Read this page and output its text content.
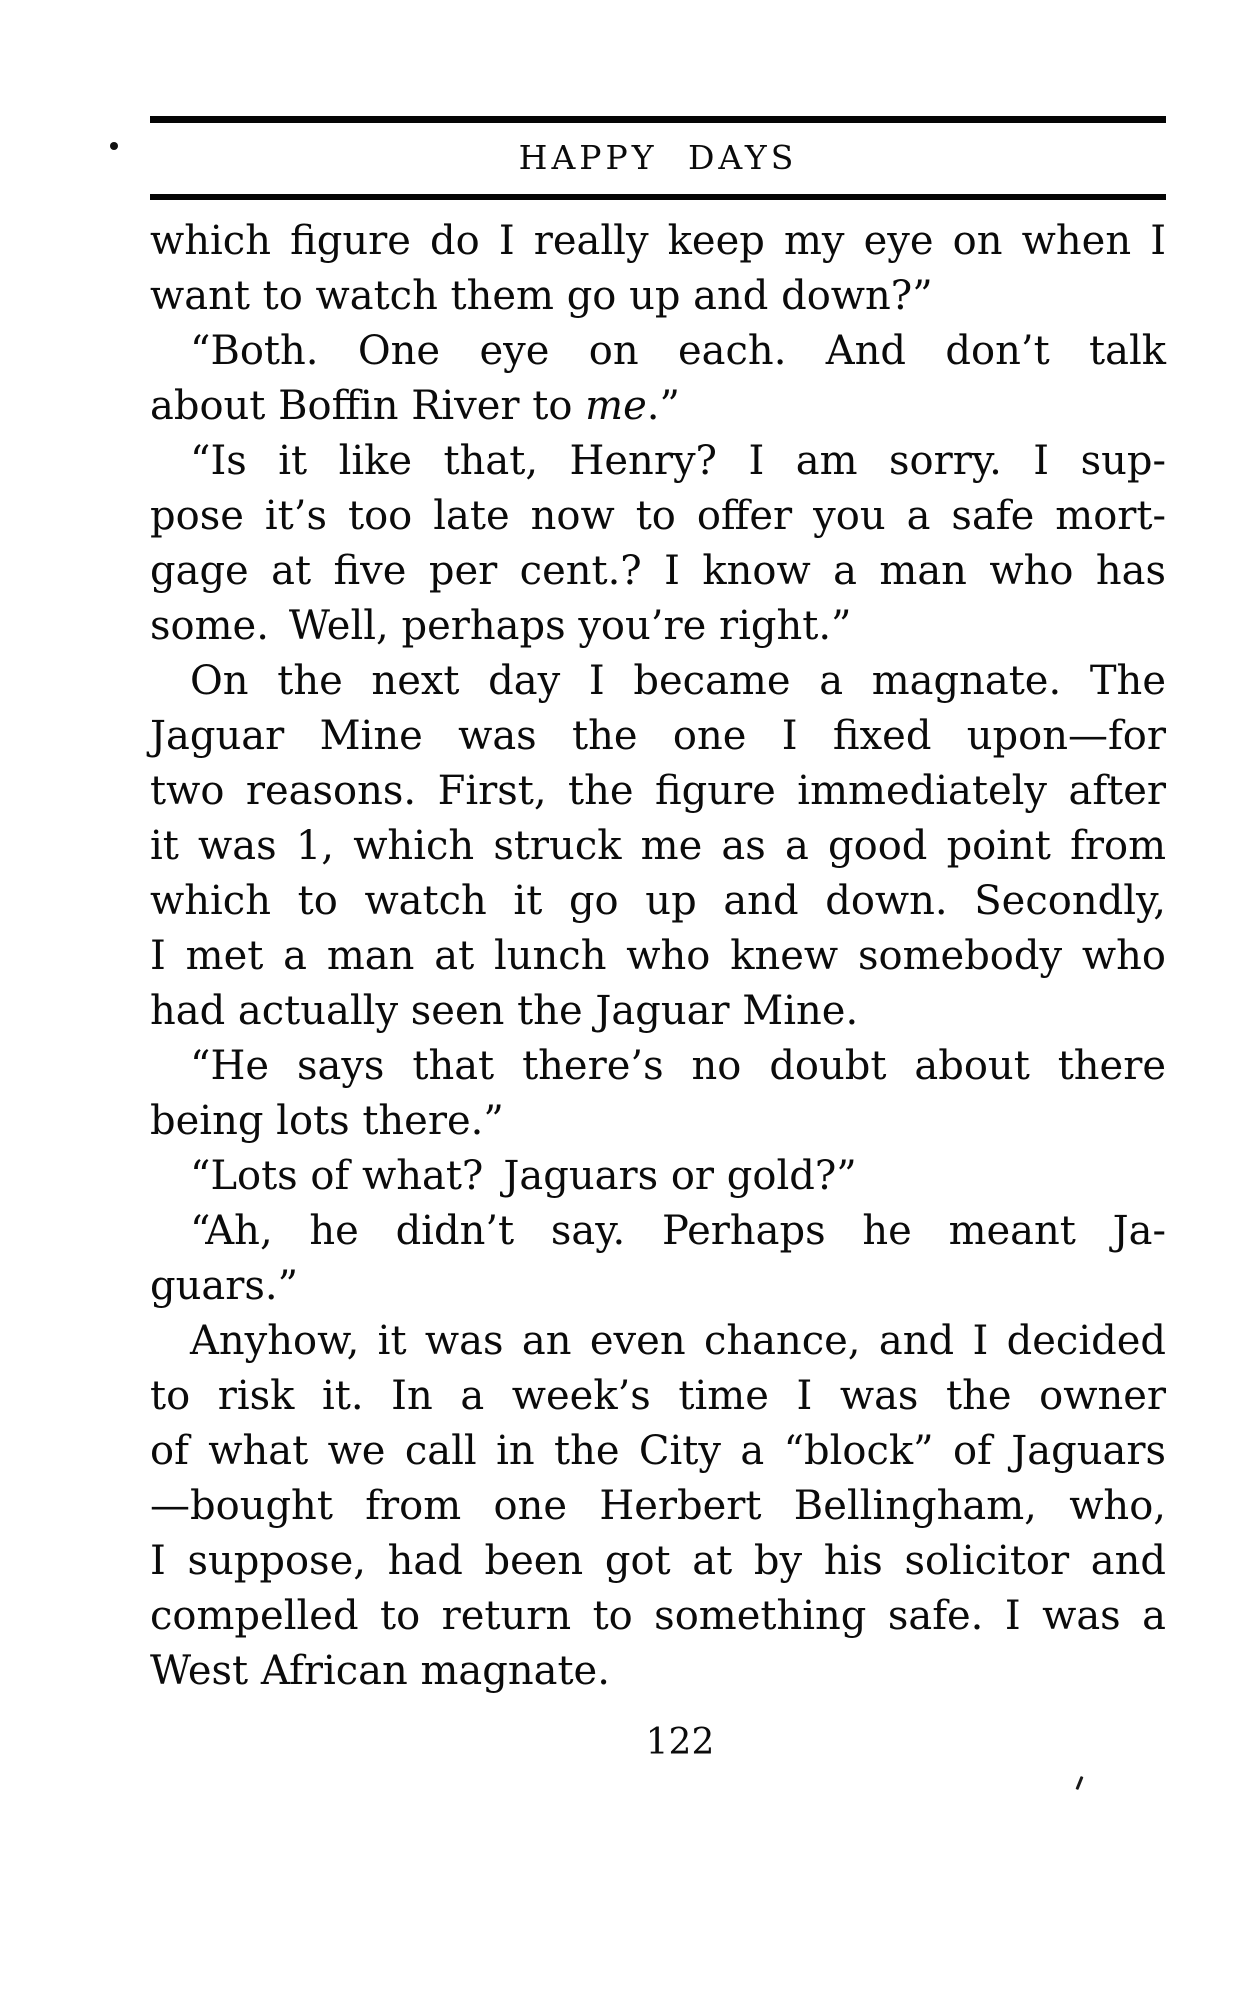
HAPPY DAYS
which figure do I really keep my eye on when I
want to watch them go up and down?”
“Both. One eye on each. And don’t talk
about Boffin River to me.”
“Is it like that, Henry? I am sorry. I sup-
pose it’s too late now to offer you a safe mort-
gage at five per cent.? I know a man who has
some. Well, perhaps you’re right.”
On the next day I became a magnate. The
Jaguar Mine was the one I fixed upon—for
two reasons. First, the figure immediately after
it was 1, which struck me as a good point from
which to watch it go up and down. Secondly,
I met a man at lunch who knew somebody who
had actually seen the Jaguar Mine.
“He says that there’s no doubt about there
being lots there.”
“Lots of what? Jaguars or gold?”
“Ah, he didn’t say. Perhaps he meant Ja-
guars.”
Anyhow, it was an even chance, and I decided
to risk it. In a week’s time I was the owner
of what we call in the City a “block” of Jaguars
—bought from one Herbert Bellingham, who,
I suppose, had been got at by his solicitor and
compelled to return to something safe. I was a
West African magnate.
122
